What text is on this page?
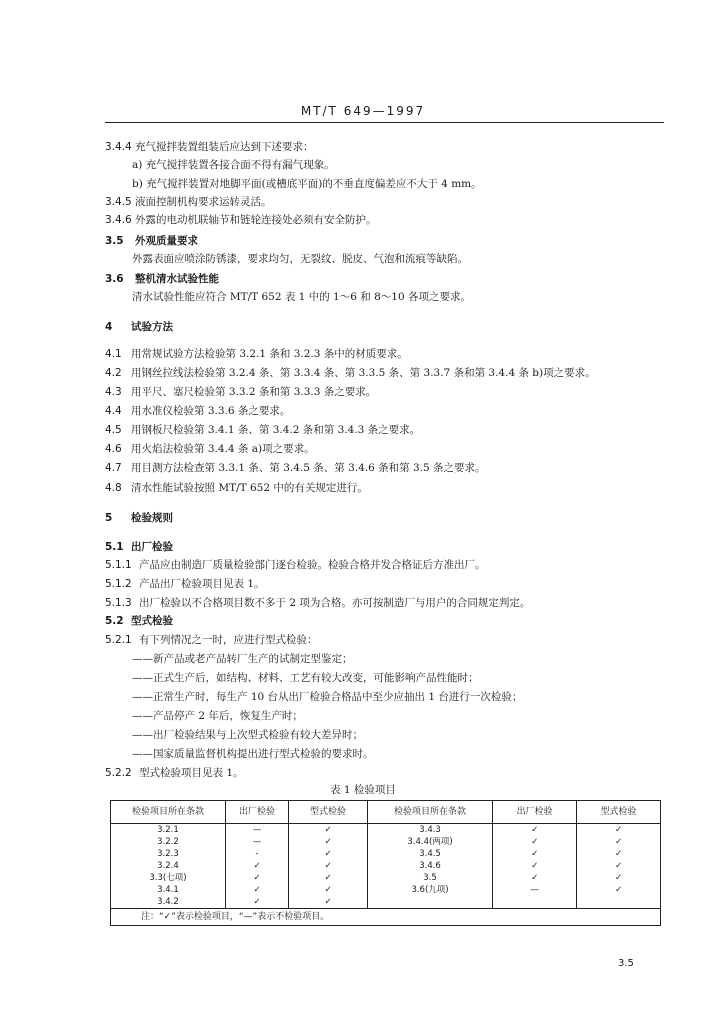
MT/T 649—1997
3.4.4 充气搅拌装置组装后应达到下述要求：
a) 充气搅拌装置各接合面不得有漏气现象。
b) 充气搅拌装置对地脚平面(或槽底平面)的不垂直度偏差应不大于 4 mm。
3.4.5 液面控制机构要求运转灵活。
3.4.6 外露的电动机联轴节和链轮连接处必须有安全防护。
3.5 外观质量要求
外露表面应喷涂防锈漆，要求均匀，无裂纹、脱皮、气泡和流痕等缺陷。
3.6 整机清水试验性能
清水试验性能应符合 MT/T 652 表 1 中的 1～6 和 8～10 各项之要求。
4 试验方法
4.1 用常规试验方法检验第 3.2.1 条和 3.2.3 条中的材质要求。
4.2 用钢丝拉线法检验第 3.2.4 条、第 3.3.4 条、第 3.3.5 条、第 3.3.7 条和第 3.4.4 条 b)项之要求。
4.3 用平尺、塞尺检验第 3.3.2 条和第 3.3.3 条之要求。
4.4 用水准仪检验第 3.3.6 条之要求。
4.5 用钢板尺检验第 3.4.1 条、第 3.4.2 条和第 3.4.3 条之要求。
4.6 用火焰法检验第 3.4.4 条 a)项之要求。
4.7 用目测方法检查第 3.3.1 条、第 3.4.5 条、第 3.4.6 条和第 3.5 条之要求。
4.8 清水性能试验按照 MT/T 652 中的有关规定进行。
5 检验规则
5.1 出厂检验
5.1.1 产品应由制造厂质量检验部门逐台检验。检验合格并发合格证后方准出厂。
5.1.2 产品出厂检验项目见表 1。
5.1.3 出厂检验以不合格项目数不多于 2 项为合格。亦可按制造厂与用户的合同规定判定。
5.2 型式检验
5.2.1 有下列情况之一时，应进行型式检验：
——新产品或老产品转厂生产的试制定型鉴定；
——正式生产后，如结构、材料、工艺有较大改变，可能影响产品性能时；
——正常生产时，每生产 10 台从出厂检验合格品中至少应抽出 1 台进行一次检验；
——产品停产 2 年后，恢复生产时；
——出厂检验结果与上次型式检验有较大差异时；
——国家质量监督机构提出进行型式检验的要求时。
5.2.2 型式检验项目见表 1。
表 1 检验项目
检验项目所在条款	出厂检验	型式检验	检验项目所在条款	出厂检验	型式检验
3.2.1	—	✓	3.4.3	✓	✓
3.2.2	—	✓	3.4.4(两项)	✓	✓
3.2.3	-	✓	3.4.5	✓	✓
3.2.4	✓	✓	3.4.6	✓	✓
3.3(七项)	✓	✓	3.5	✓	✓
3.4.1	✓	✓	3.6(九项)	—	✓
3.4.2	✓	✓			
注：“✓”表示检验项目，“—”表示不检验项目。					
3.5
